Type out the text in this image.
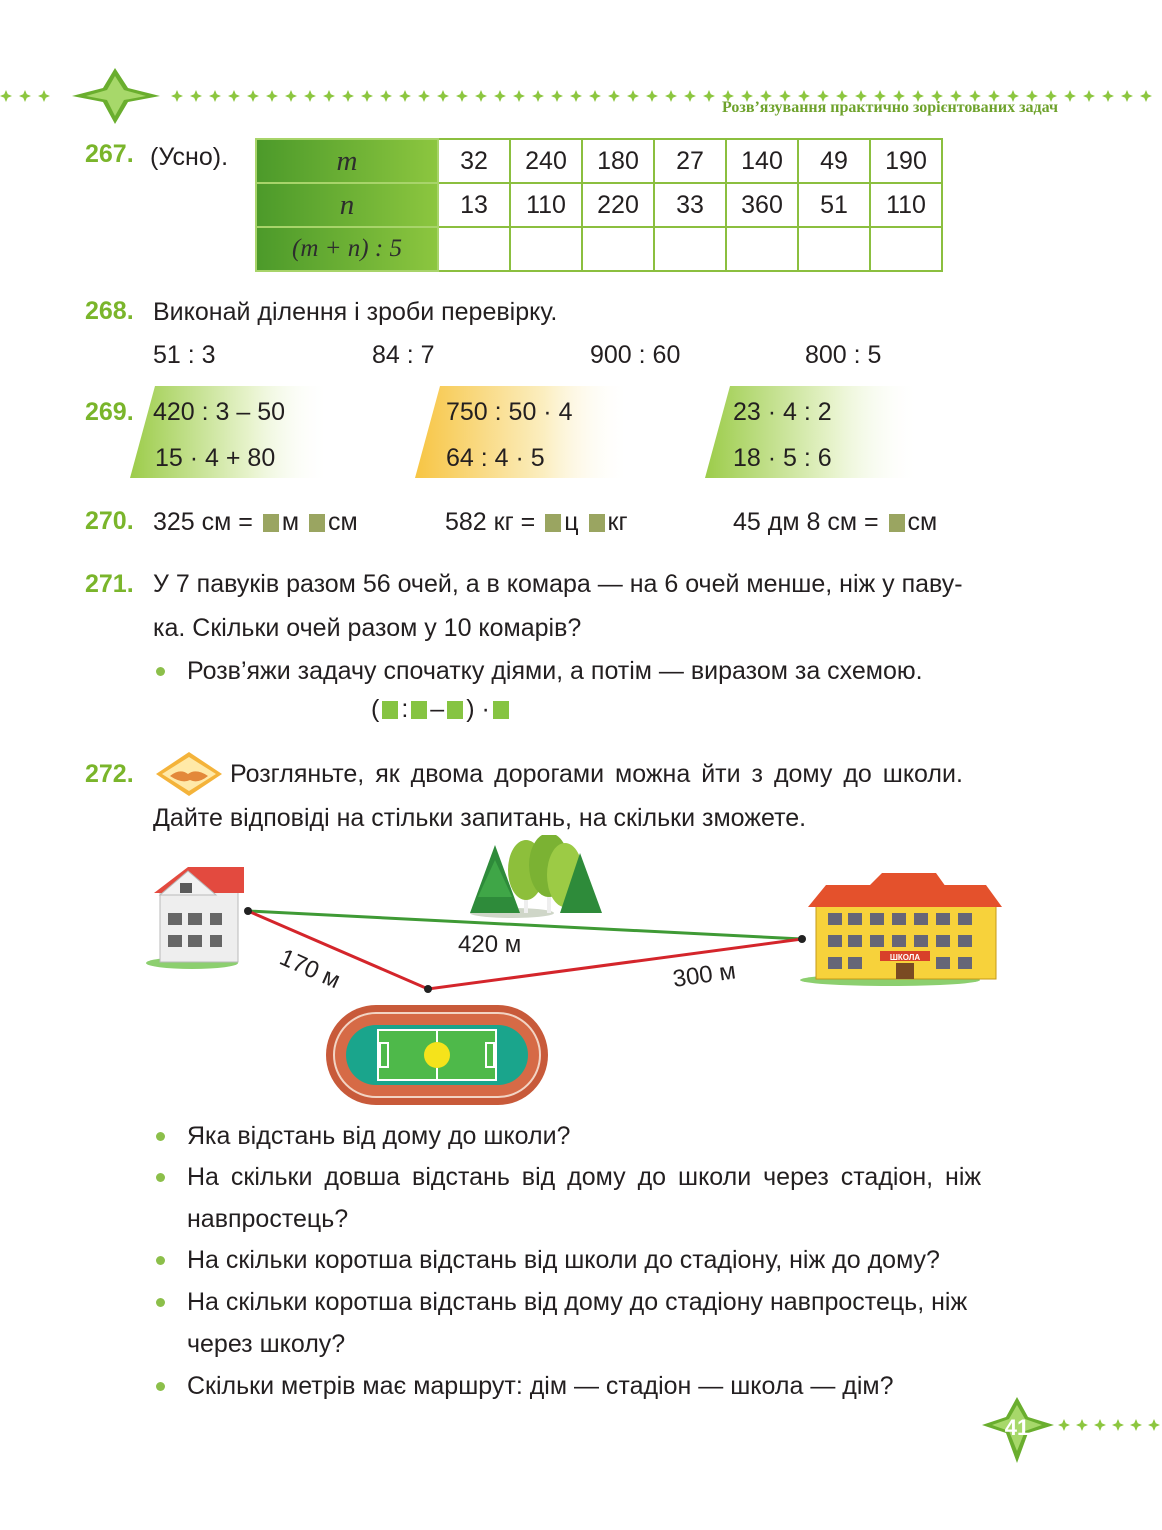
Розв’язування практично зорієнтованих задач
267. (Усно).	m	32	240	180	27	140	49	190
n	13	110	220	33	360	51	110
(m + n) : 5							
268. Виконай ділення і зроби перевірку.
51 : 3	84 : 7	900 : 60	800 : 5
269. 420 : 3 – 50
15 · 4 + 80
750 : 50 · 4
64 : 4 · 5
23 · 4 : 2
18 · 5 : 6
270. 325 см = м см	582 кг = ц кг	45 дм 8 см = см
271. У 7 павуків разом 56 очей, а в комара — на 6 очей менше, ніж у паву-
ка. Скільки очей разом у 10 комарів?
Розв’яжи задачу спочатку діями, а потім — виразом за схемою.
( : – ) ·
272.	Розгляньте, як двома дорогами можна йти з дому до школи.
Дайте відповіді на стільки запитань, на скільки зможете.
ШКОЛА
420 м
170 м	300 м
Яка відстань від дому до школи?
На скільки довша відстань від дому до школи через стадіон, ніж
навпростець?
На скільки коротша відстань від школи до стадіону, ніж до дому?
На скільки коротша відстань від дому до стадіону навпростець, ніж
через школу?
Скільки метрів має маршрут: дім — стадіон — школа — дім?
41
